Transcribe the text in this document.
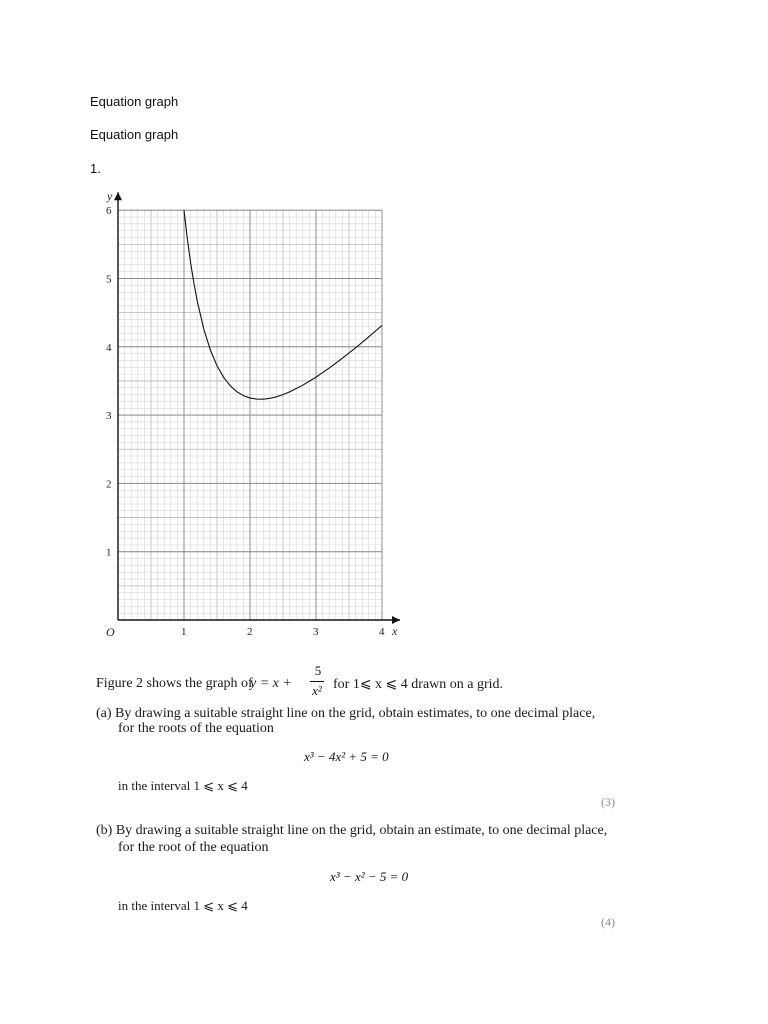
Equation graph
Equation graph
1.
1	2	3	4
1
2
3
4
5
6
x
y
O
Figure 2 shows the graph of
y = x +
5
x² for 1⩽ x ⩽ 4 drawn on a grid.
(a) By drawing a suitable straight line on the grid, obtain estimates, to one decimal place,
for the roots of the equation
x³ − 4x² + 5 = 0
in the interval 1 ⩽ x ⩽ 4
(3)
(b) By drawing a suitable straight line on the grid, obtain an estimate, to one decimal place,
for the root of the equation
x³ − x² − 5 = 0
in the interval 1 ⩽ x ⩽ 4
(4)
